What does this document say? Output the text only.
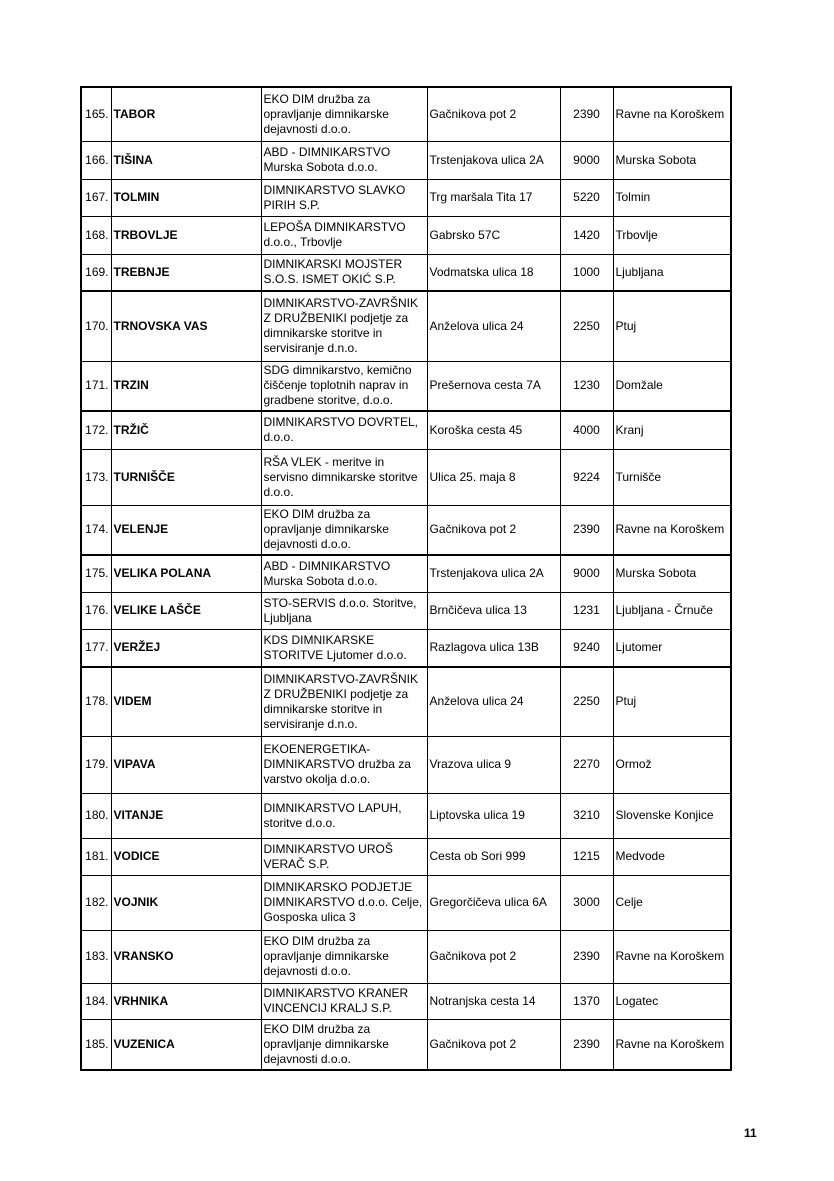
165.	TABOR	EKO DIM družba za
opravljanje dimnikarske
dejavnosti d.o.o.	Gačnikova pot 2	2390	Ravne na Koroškem
166.	TIŠINA	ABD - DIMNIKARSTVO
Murska Sobota d.o.o.	Trstenjakova ulica 2A	9000	Murska Sobota
167.	TOLMIN	DIMNIKARSTVO SLAVKO
PIRIH S.P.	Trg maršala Tita 17	5220	Tolmin
168.	TRBOVLJE	LEPOŠA DIMNIKARSTVO
d.o.o., Trbovlje	Gabrsko 57C	1420	Trbovlje
169.	TREBNJE	DIMNIKARSKI MOJSTER
S.O.S. ISMET OKIĆ S.P.	Vodmatska ulica 18	1000	Ljubljana
170.	TRNOVSKA VAS	DIMNIKARSTVO-ZAVRŠNIK
Z DRUŽBENIKI podjetje za
dimnikarske storitve in
servisiranje d.n.o.	Anželova ulica 24	2250	Ptuj
171.	TRZIN	SDG dimnikarstvo, kemično
čiščenje toplotnih naprav in
gradbene storitve, d.o.o.	Prešernova cesta 7A	1230	Domžale
172.	TRŽIČ	DIMNIKARSTVO DOVRTEL,
d.o.o.	Koroška cesta 45	4000	Kranj
173.	TURNIŠČE	RŠA VLEK - meritve in
servisno dimnikarske storitve
d.o.o.	Ulica 25. maja 8	9224	Turnišče
174.	VELENJE	EKO DIM družba za
opravljanje dimnikarske
dejavnosti d.o.o.	Gačnikova pot 2	2390	Ravne na Koroškem
175.	VELIKA POLANA	ABD - DIMNIKARSTVO
Murska Sobota d.o.o.	Trstenjakova ulica 2A	9000	Murska Sobota
176.	VELIKE LAŠČE	STO-SERVIS d.o.o. Storitve,
Ljubljana	Brnčičeva ulica 13	1231	Ljubljana - Črnuče
177.	VERŽEJ	KDS DIMNIKARSKE
STORITVE Ljutomer d.o.o.	Razlagova ulica 13B	9240	Ljutomer
178.	VIDEM	DIMNIKARSTVO-ZAVRŠNIK
Z DRUŽBENIKI podjetje za
dimnikarske storitve in
servisiranje d.n.o.	Anželova ulica 24	2250	Ptuj
179.	VIPAVA	EKOENERGETIKA-
DIMNIKARSTVO družba za
varstvo okolja d.o.o.	Vrazova ulica 9	2270	Ormož
180.	VITANJE	DIMNIKARSTVO LAPUH,
storitve d.o.o.	Liptovska ulica 19	3210	Slovenske Konjice
181.	VODICE	DIMNIKARSTVO UROŠ
VERAČ S.P.	Cesta ob Sori 999	1215	Medvode
182.	VOJNIK	DIMNIKARSKO PODJETJE
DIMNIKARSTVO d.o.o. Celje,
Gosposka ulica 3	Gregorčičeva ulica 6A	3000	Celje
183.	VRANSKO	EKO DIM družba za
opravljanje dimnikarske
dejavnosti d.o.o.	Gačnikova pot 2	2390	Ravne na Koroškem
184.	VRHNIKA	DIMNIKARSTVO KRANER
VINCENCIJ KRALJ S.P.	Notranjska cesta 14	1370	Logatec
185.	VUZENICA	EKO DIM družba za
opravljanje dimnikarske
dejavnosti d.o.o.	Gačnikova pot 2	2390	Ravne na Koroškem
11
